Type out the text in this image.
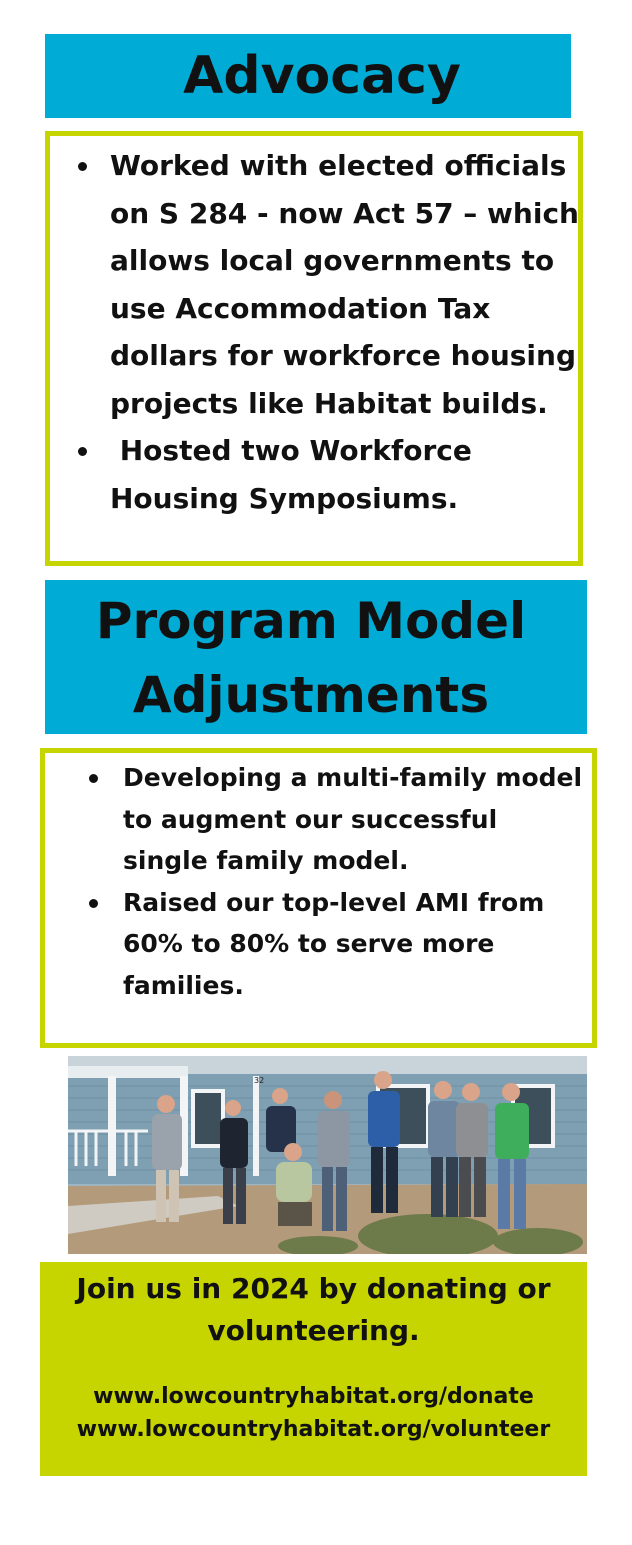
Advocacy
Worked with elected officials on S 284 - now Act 57 – which allows local governments to use Accommodation Tax dollars for workforce housing projects like Habitat builds.
Hosted two Workforce Housing Symposiums.
Program Model
Adjustments
Developing a multi-family model to augment our successful single family model.
Raised our top-level AMI from 60% to 80% to serve more families.
32
Join us in 2024 by donating or volunteering.
www.lowcountryhabitat.org/donate
www.lowcountryhabitat.org/volunteer
